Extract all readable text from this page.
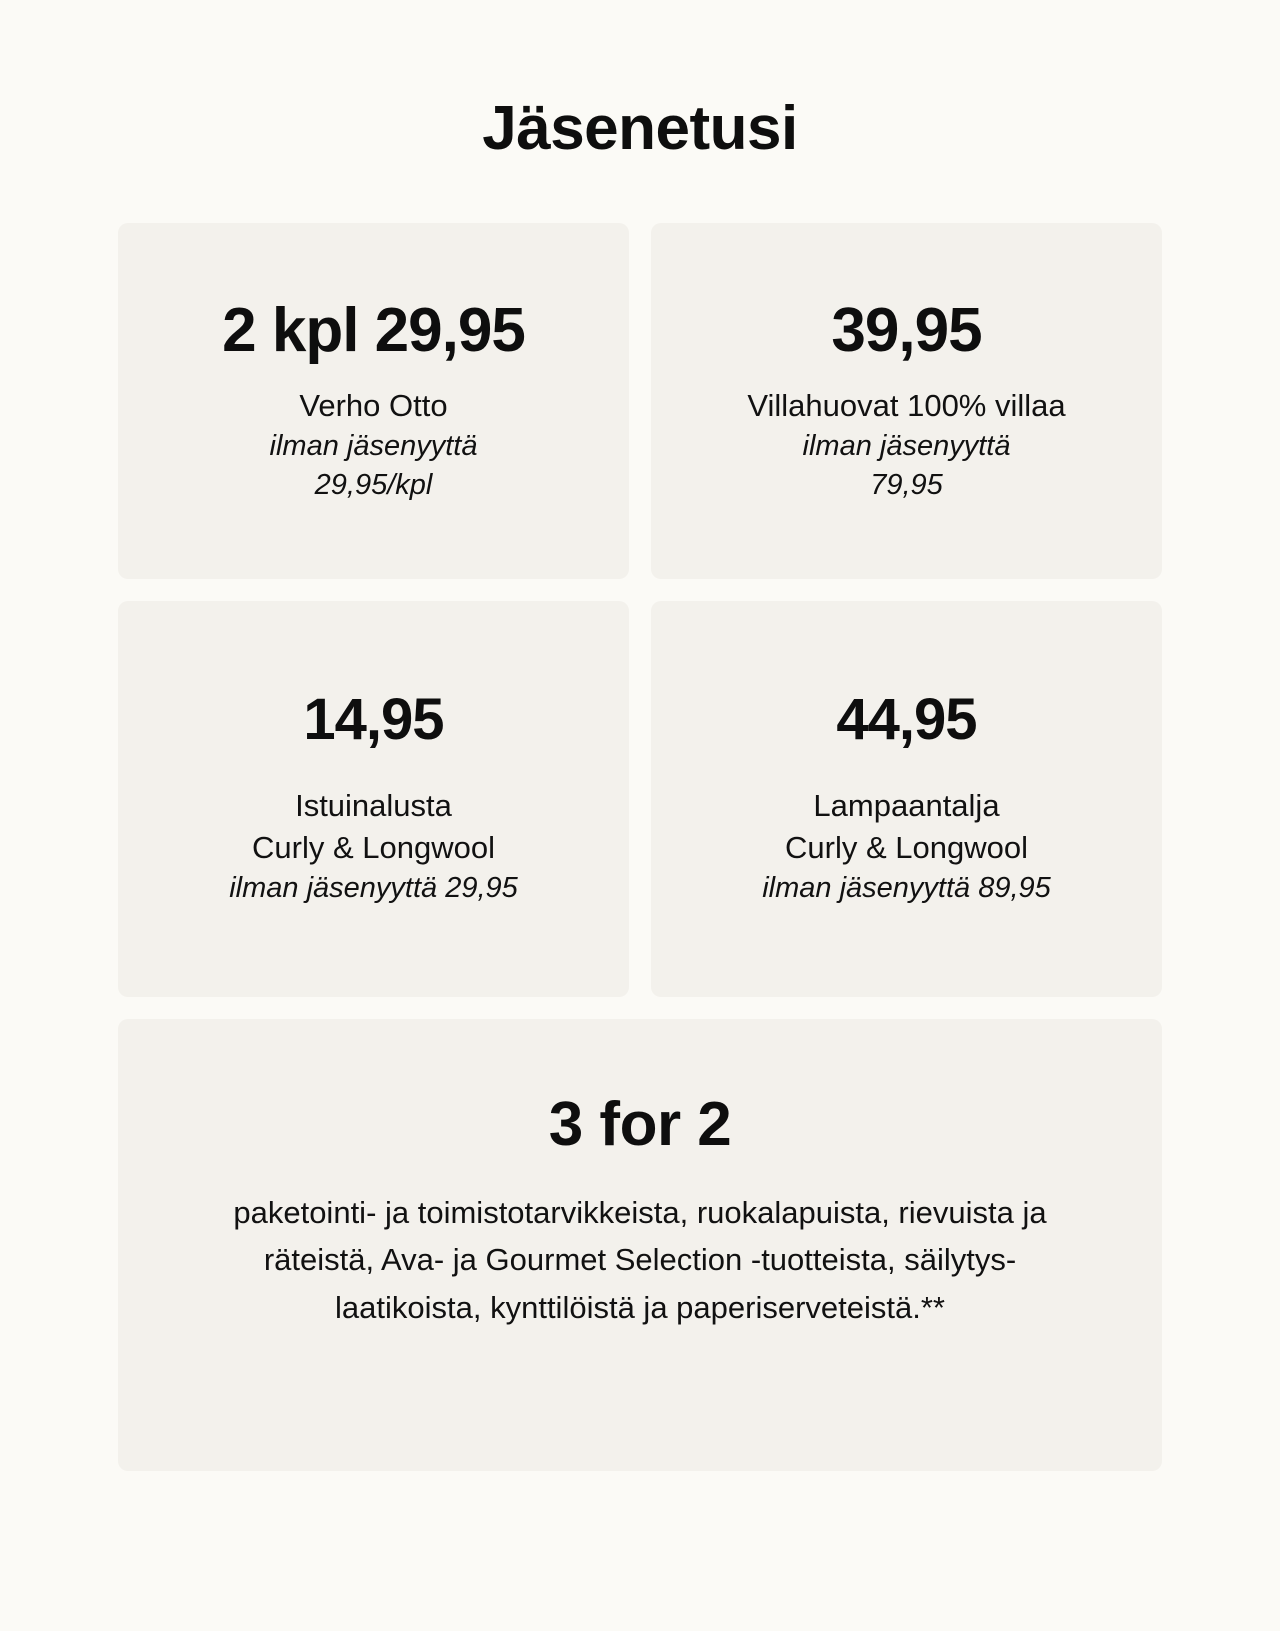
Jäsenetusi
2 kpl 29,95
Verho Otto
ilman jäsenyyttä
29,95/kpl
39,95
Villahuovat 100% villaa
ilman jäsenyyttä
79,95
14,95
Istuinalusta
Curly & Longwool
ilman jäsenyyttä 29,95
44,95
Lampaantalja
Curly & Longwool
ilman jäsenyyttä 89,95
3 for 2
paketointi- ja toimistotarvikkeista, ruokalapuista, rievuista ja räteistä, Ava- ja Gourmet Selection -tuotteista, säilytys-laatikoista, kynttilöistä ja paperiserveteistä.**
